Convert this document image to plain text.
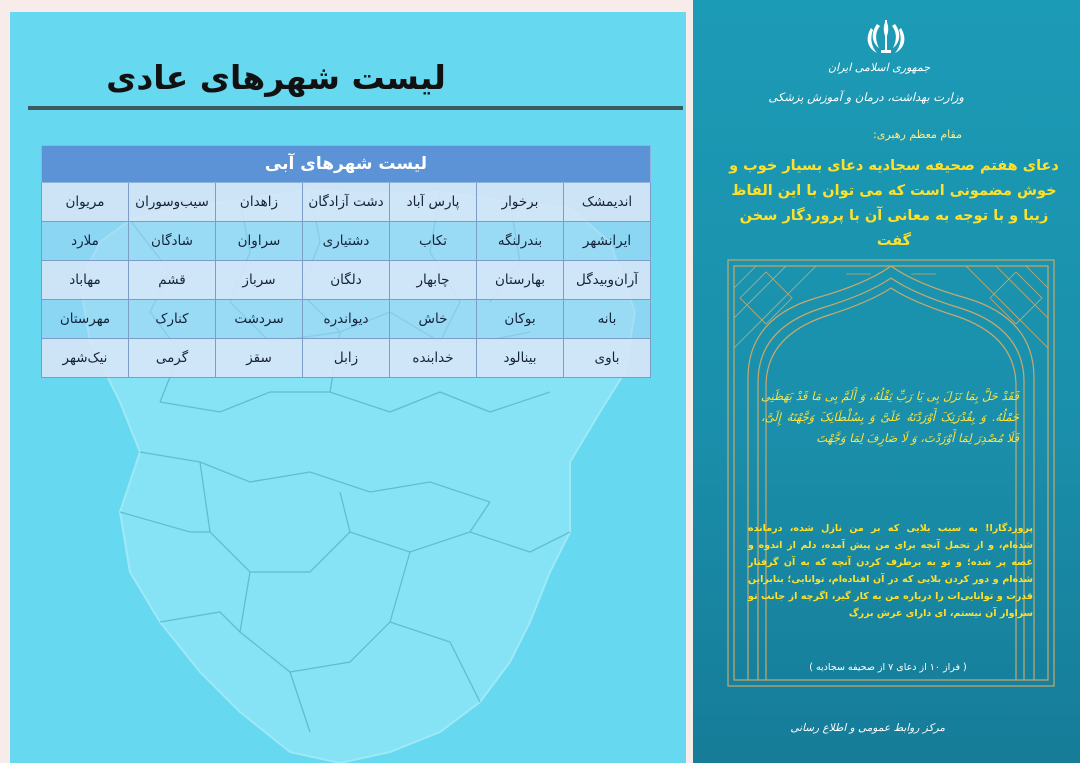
لیست شهرهای عادی
لیست شهرهای آبی						
اندیمشک	برخوار	پارس آباد	دشت آزادگان	زاهدان	سیب‌وسوران	مریوان
ایرانشهر	بندرلنگه	تکاب	دشتیاری	سراوان	شادگان	ملارد
آران‌وبیدگل	بهارستان	چابهار	دلگان	سرباز	قشم	مهاباد
بانه	بوکان	خاش	دیواندره	سردشت	کنارک	مهرستان
باوی	بینالود	خدابنده	زابل	سقز	گرمی	نیک‌شهر
جمهوری اسلامی ایران
وزارت بهداشت، درمان و آموزش پزشکی
مقام معظم رهبری:
دعای هفتم صحیفه سجادیه دعای بسیار خوب و خوش مضمونی است که می توان با این الفاظ زیبا و با توجه به معانی آن با پروردگار سخن گفت
فَقَدْ حَلَّ بِمَا نَزَلَ بِی یَا رَبِّ ثِقْلُهُ، وَ أَلَمَّ بِی مَا قَدْ بَهَظَنِی حَمْلُهُ. وَ بِقُدْرَتِکَ أَوْرَدْتَهُ عَلَیَّ وَ بِسُلْطَانِکَ وَجَّهْتَهُ إِلَیَّ، فَلَا مُصْدِرَ لِمَا أَوْرَدْتَ، وَ لَا صَارِفَ لِمَا وَجَّهْتَ
پروردگارا! به سبب بلایی که بر من نازل شده، درمانده شده‌ام، و از تحمل آنچه برای من پیش آمده، دلم از اندوه و غصه پر شده؛ و تو به برطرف کردن آنچه که به آن گرفتار شده‌ام و دور کردن بلایی که در آن افتاده‌ام، توانایی؛ بنابراین قدرت و توانایی‌ات را درباره من به کار گیر، اگرچه از جانب تو سزاوار آن نیستم، ای دارای عرش بزرگ
( فراز ۱۰ از دعای ۷ از صحیفه سجادیه )
مرکز روابط عمومی و اطلاع رسانی
